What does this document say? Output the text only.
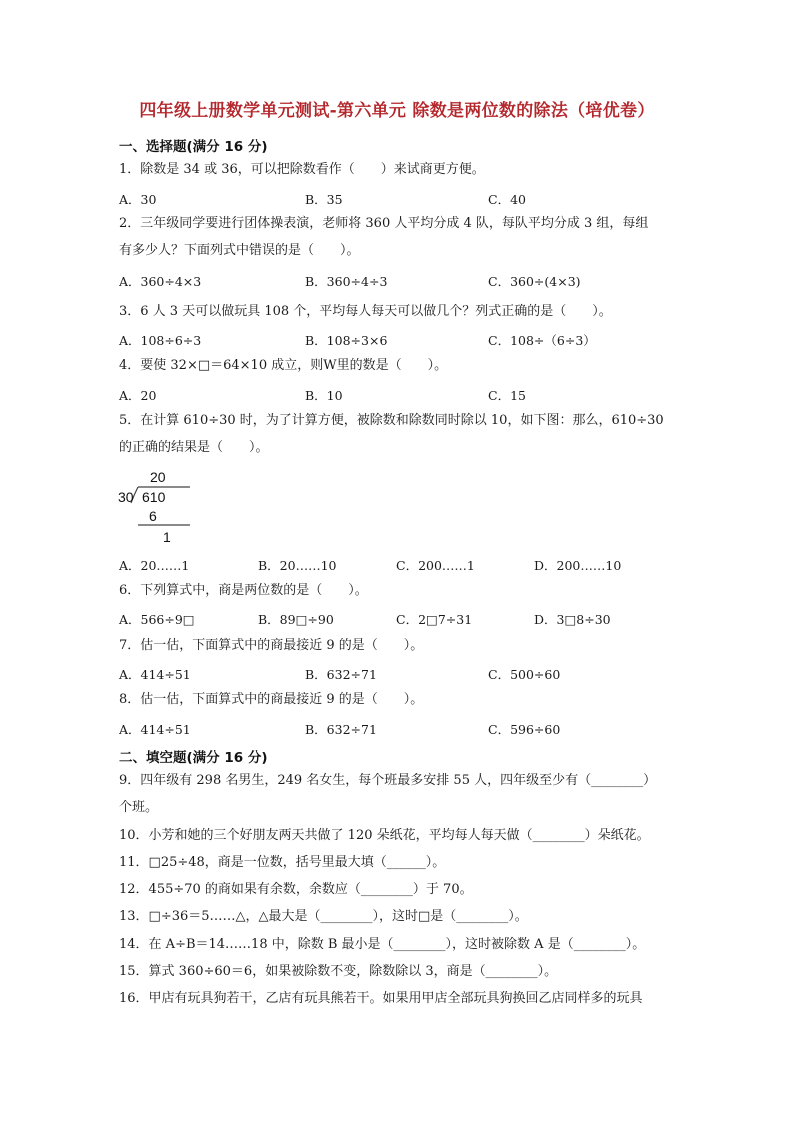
四年级上册数学单元测试-第六单元 除数是两位数的除法（培优卷）
一、选择题(满分 16 分)
1．除数是 34 或 36，可以把除数看作（　　）来试商更方便。
A．30	B．35	C．40
2．三年级同学要进行团体操表演，老师将 360 人平均分成 4 队，每队平均分成 3 组，每组
有多少人？下面列式中错误的是（　　）。
A．360÷4×3	B．360÷4÷3	C．360÷(4×3)
3．6 人 3 天可以做玩具 108 个，平均每人每天可以做几个？列式正确的是（　　）。
A．108÷6÷3	B．108÷3×6	C．108÷（6÷3）
4．要使 32×□＝64×10 成立，则W里的数是（　　）。
A．20	B．10	C．15
5．在计算 610÷30 时，为了计算方便，被除数和除数同时除以 10，如下图：那么，610÷30
的正确的结果是（　　）。
20
30 610
6
1
A．20……1	B．20……10	C．200……1	D．200……10
6．下列算式中，商是两位数的是（　　）。
A．566÷9□	B．89□÷90	C．2□7÷31	D．3□8÷30
7．估一估，下面算式中的商最接近 9 的是（　　）。
A．414÷51	B．632÷71	C．500÷60
8．估一估，下面算式中的商最接近 9 的是（　　）。
A．414÷51	B．632÷71	C．596÷60
二、填空题(满分 16 分)
9．四年级有 298 名男生，249 名女生，每个班最多安排 55 人，四年级至少有（________）
个班。
10．小芳和她的三个好朋友两天共做了 120 朵纸花，平均每人每天做（________）朵纸花。
11．□25÷48，商是一位数，括号里最大填（______）。
12．455÷70 的商如果有余数，余数应（________）于 70。
13．□÷36＝5……△，△最大是（________），这时□是（________）。
14．在 A÷B＝14……18 中，除数 B 最小是（________），这时被除数 A 是（________）。
15．算式 360÷60＝6，如果被除数不变，除数除以 3，商是（________）。
16．甲店有玩具狗若干，乙店有玩具熊若干。如果用甲店全部玩具狗换回乙店同样多的玩具
